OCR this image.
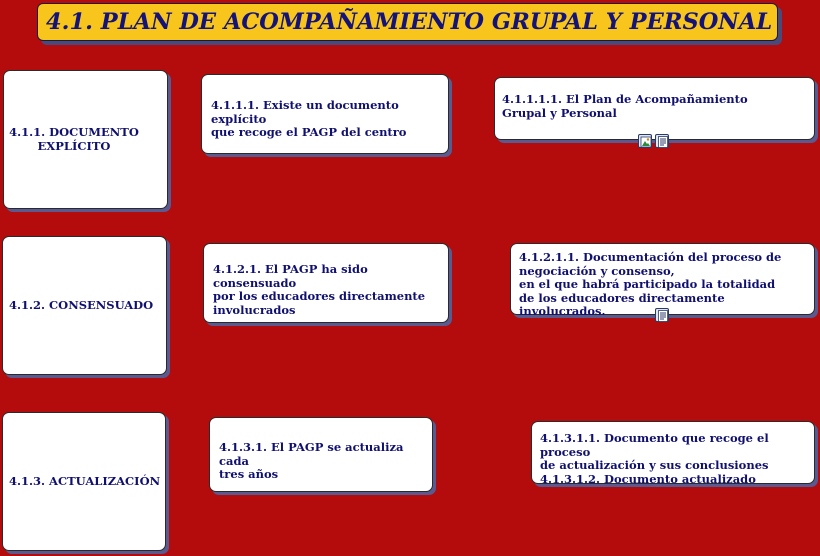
4.1. PLAN DE ACOMPAÑAMIENTO GRUPAL Y PERSONAL
4.1.1. DOCUMENTO
EXPLÍCITO
4.1.1.1. Existe un documento explícito
que recoge el PAGP del centro
4.1.1.1.1. El Plan de Acompañamiento
Grupal y Personal
4.1.2. CONSENSUADO
4.1.2.1. El PAGP ha sido consensuado
por los educadores directamente
involucrados
4.1.2.1.1. Documentación del proceso de
negociación y consenso,
en el que habrá participado la totalidad
de los educadores directamente involucrados.
4.1.3. ACTUALIZACIÓN
4.1.3.1. El PAGP se actualiza cada
tres años
4.1.3.1.1. Documento que recoge el proceso
de actualización y sus conclusiones
4.1.3.1.2. Documento actualizado
